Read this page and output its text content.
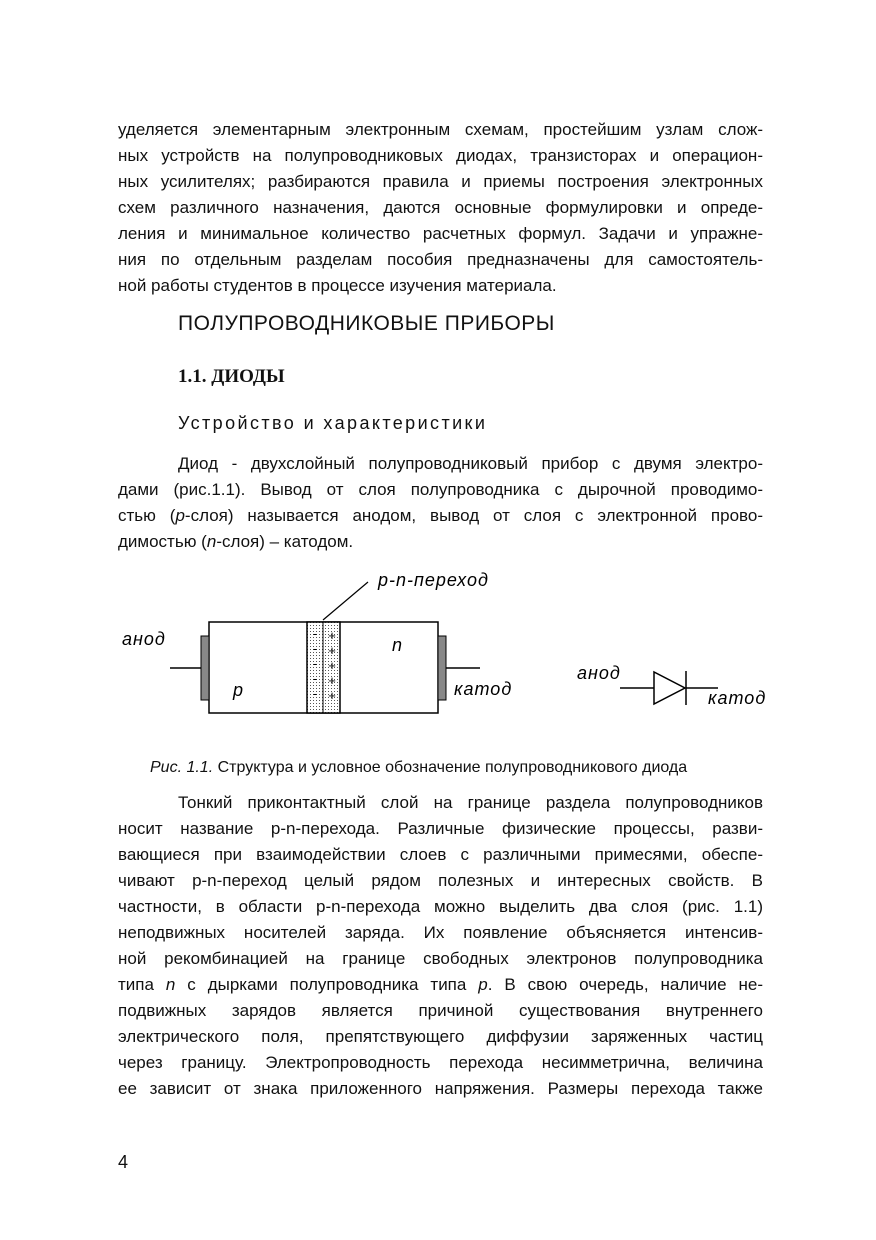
уделяется элементарным электронным схемам, простейшим узлам слож-
ных устройств на полупроводниковых диодах, транзисторах и операцион-
ных усилителях; разбираются правила и приемы построения электронных
схем различного назначения, даются основные формулировки и опреде-
ления и минимальное количество расчетных формул. Задачи и упражне-
ния по отдельным разделам пособия предназначены для самостоятель-
ной работы студентов в процессе изучения материала.
ПОЛУПРОВОДНИКОВЫЕ ПРИБОРЫ
1.1. ДИОДЫ
Устройство и характеристики
Диод - двухслойный полупроводниковый прибор с двумя электро-
дами (рис.1.1). Вывод от слоя полупроводника с дырочной проводимо-
стью (p-слоя) называется анодом, вывод от слоя с электронной прово-
димостью (n-слоя) – катодом.
-
-
-
-
-
+
+
+
+
+
p-n-переход
анод
катод
p
n
анод
катод
Рис. 1.1. Структура и условное обозначение полупроводникового диода
Тонкий приконтактный слой на границе раздела полупроводников
носит название p-n-перехода. Различные физические процессы, разви-
вающиеся при взаимодействии слоев с различными примесями, обеспе-
чивают p-n-переход целый рядом полезных и интересных свойств. В
частности, в области p-n-перехода можно выделить два слоя (рис. 1.1)
неподвижных носителей заряда. Их появление объясняется интенсив-
ной рекомбинацией на границе свободных электронов полупроводника
типа n с дырками полупроводника типа p. В свою очередь, наличие не-
подвижных зарядов является причиной существования внутреннего
электрического поля, препятствующего диффузии заряженных частиц
через границу. Электропроводность перехода несимметрична, величина
ее зависит от знака приложенного напряжения. Размеры перехода также
4
